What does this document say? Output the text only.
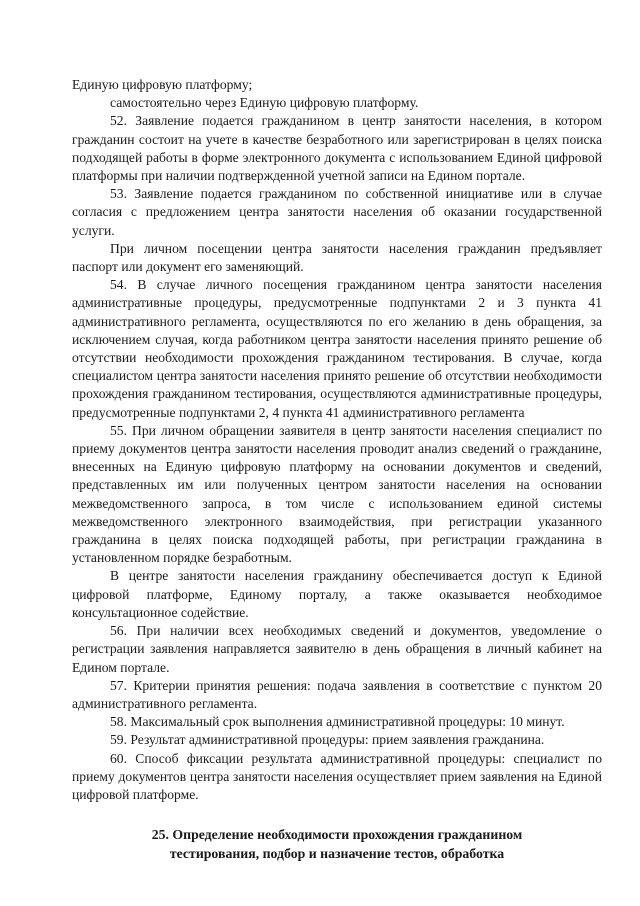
Единую цифровую платформу;

самостоятельно через Единую цифровую платформу.

52. Заявление подается гражданином в центр занятости населения, в котором гражданин состоит на учете в качестве безработного или зарегистрирован в целях поиска подходящей работы в форме электронного документа с использованием Единой цифровой платформы при наличии подтвержденной учетной записи на Едином портале.

53. Заявление подается гражданином по собственной инициативе или в случае согласия с предложением центра занятости населения об оказании государственной услуги.

При личном посещении центра занятости населения гражданин предъявляет паспорт или документ его заменяющий.

54. В случае личного посещения гражданином центра занятости населения административные процедуры, предусмотренные подпунктами 2 и 3 пункта 41 административного регламента, осуществляются по его желанию в день обращения, за исключением случая, когда работником центра занятости населения принято решение об отсутствии необходимости прохождения гражданином тестирования. В случае, когда специалистом центра занятости населения принято решение об отсутствии необходимости прохождения гражданином тестирования, осуществляются административные процедуры, предусмотренные подпунктами 2, 4 пункта 41 административного регламента

55. При личном обращении заявителя в центр занятости населения специалист по приему документов центра занятости населения проводит анализ сведений о гражданине, внесенных на Единую цифровую платформу на основании документов и сведений, представленных им или полученных центром занятости населения на основании межведомственного запроса, в том числе с использованием единой системы межведомственного электронного взаимодействия, при регистрации указанного гражданина в целях поиска подходящей работы, при регистрации гражданина в установленном порядке безработным.

В центре занятости населения гражданину обеспечивается доступ к Единой цифровой платформе, Единому порталу, а также оказывается необходимое консультационное содействие.

56. При наличии всех необходимых сведений и документов, уведомление о регистрации заявления направляется заявителю в день обращения в личный кабинет на Едином портале.

57. Критерии принятия решения: подача заявления в соответствие с пунктом 20 административного регламента.

58. Максимальный срок выполнения административной процедуры: 10 минут.

59. Результат административной процедуры: прием заявления гражданина.

60. Способ фиксации результата административной процедуры: специалист по приему документов центра занятости населения осуществляет прием заявления на Единой цифровой платформе.

25. Определение необходимости прохождения гражданином
тестирования, подбор и назначение тестов, обработка
